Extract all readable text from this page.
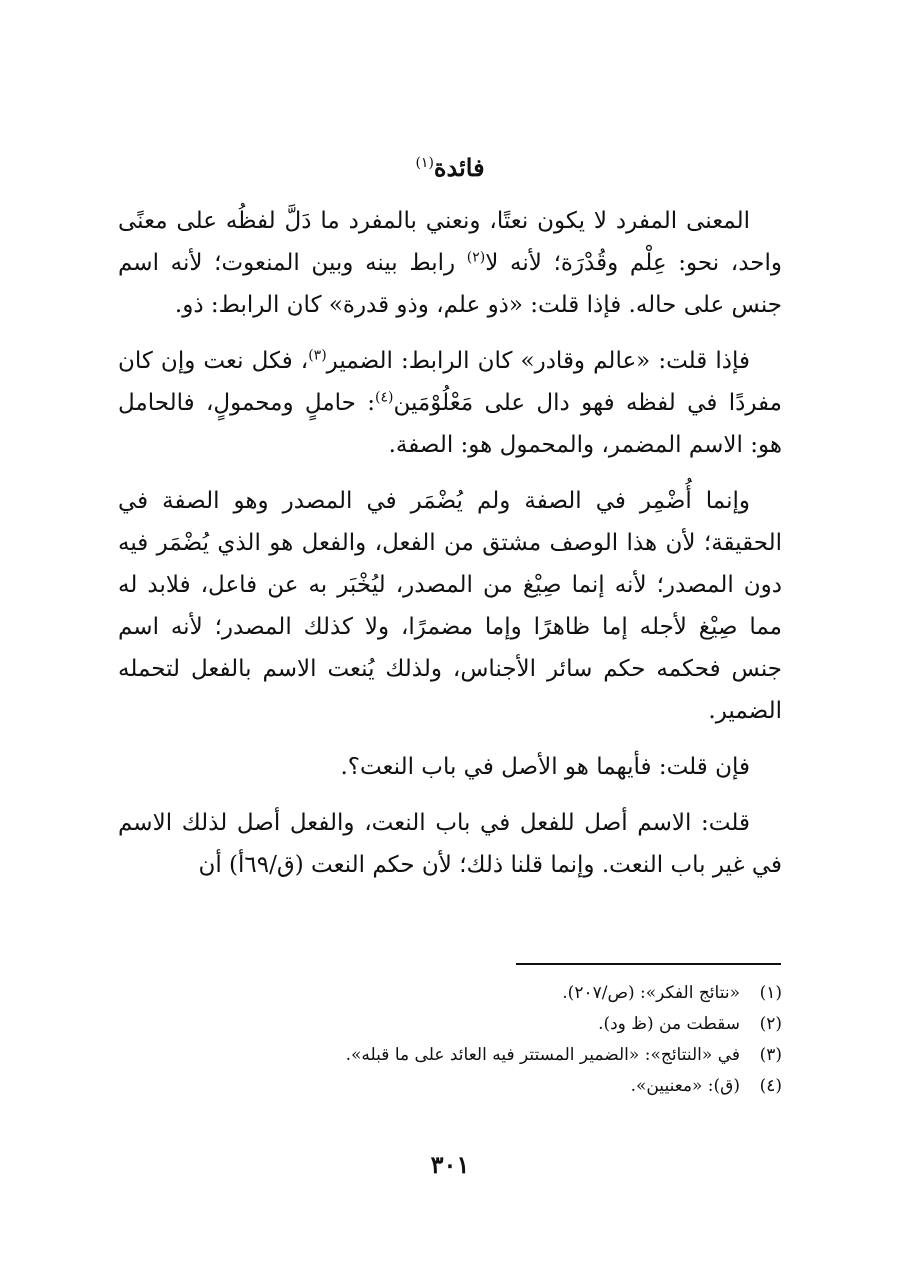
فائدة$^{(١)}$

المعنى المفرد لا يكون نعتًا، ونعني بالمفرد ما دَلَّ لفظُه على معنًى واحد، نحو: عِلْم وقُدْرَة؛ لأنه لا$^{(٢)}$ رابط بينه وبين المنعوت؛ لأنه اسم جنس على حاله. فإذا قلت: «ذو علم، وذو قدرة» كان الرابط: ذو.

فإذا قلت: «عالم وقادر» كان الرابط: الضمير$^{(٣)}$، فكل نعت وإن كان مفردًا في لفظه فهو دال على مَعْلُوْمَين$^{(٤)}$: حاملٍ ومحمولٍ، فالحامل هو: الاسم المضمر، والمحمول هو: الصفة.

وإنما أُضْمِر في الصفة ولم يُضْمَر في المصدر وهو الصفة في الحقيقة؛ لأن هذا الوصف مشتق من الفعل، والفعل هو الذي يُضْمَر فيه دون المصدر؛ لأنه إنما صِيْغ من المصدر، ليُخْبَر به عن فاعل، فلابد له مما صِيْغ لأجله إما ظاهرًا وإما مضمرًا، ولا كذلك المصدر؛ لأنه اسم جنس فحكمه حكم سائر الأجناس، ولذلك يُنعت الاسم بالفعل لتحمله الضمير.

فإن قلت: فأيهما هو الأصل في باب النعت؟.

قلت: الاسم أصل للفعل في باب النعت، والفعل أصل لذلك الاسم في غير باب النعت. وإنما قلنا ذلك؛ لأن حكم النعت (ق/٦٩أ) أن

(١)
«نتائج الفكر»: (ص/٢٠٧).
(٢)
سقطت من (ظ ود).
(٣)
في «النتائج»: «الضمير المستتر فيه العائد على ما قبله».
(٤)
(ق): «معنيين».
٣٠١
